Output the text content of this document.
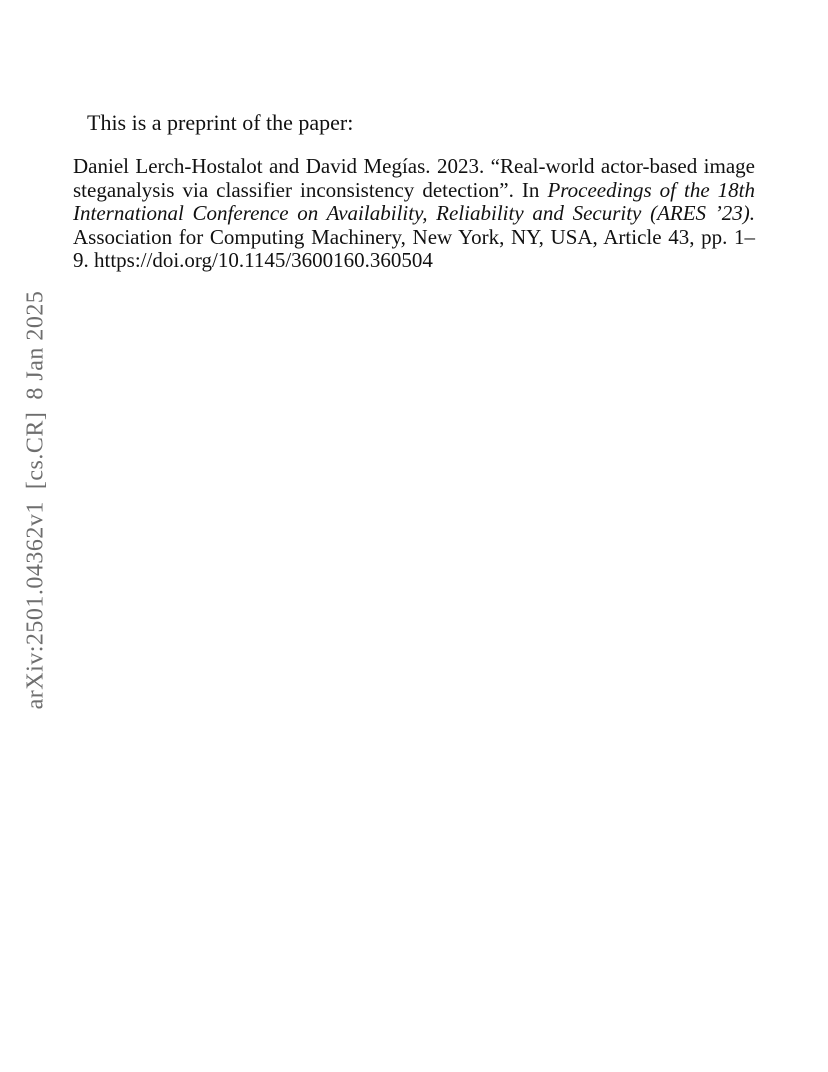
arXiv:2501.04362v1[cs.CR]8 Jan 2025
This is a preprint of the paper:
Daniel Lerch-Hostalot and David Megías. 2023. “Real-world actor-based image steganalysis via classifier inconsistency detection”. In Proceedings of the 18th International Conference on Availability, Reliability and Security (ARES ’23). Association for Computing Machinery, New York, NY, USA, Article 43, pp. 1–9. https://doi.org/10.1145/3600160.360504
